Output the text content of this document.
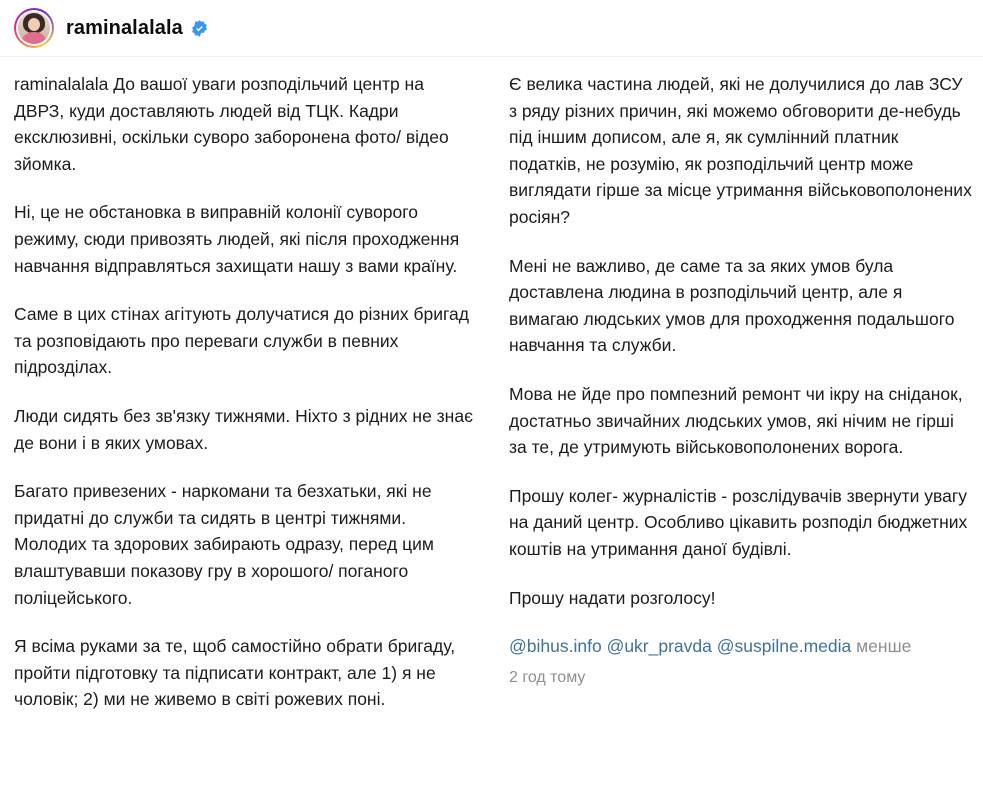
raminalalala

raminalalala До вашої уваги розподільчий центр на ДВРЗ, куди доставляють людей від ТЦК. Кадри ексклюзивні, оскільки суворо заборонена фото/ відео зйомка.

Ні, це не обстановка в виправній колонії суворого режиму, сюди привозять людей, які після проходження навчання відправляться захищати нашу з вами країну.

Саме в цих стінах агітують долучатися до різних бригад та розповідають про переваги служби в певних підрозділах.

Люди сидять без зв'язку тижнями. Ніхто з рідних не знає де вони і в яких умовах.

Багато привезених - наркомани та безхатьки, які не придатні до служби та сидять в центрі тижнями. Молодих та здорових забирають одразу, перед цим влаштувавши показову гру в хорошого/ поганого поліцейського.

Я всіма руками за те, щоб самостійно обрати бригаду, пройти підготовку та підписати контракт, але 1) я не чоловік; 2) ми не живемо в світі рожевих поні.

Є велика частина людей, які не долучилися до лав ЗСУ з ряду різних причин, які можемо обговорити де-небудь під іншим дописом, але я, як сумлінний платник податків, не розумію, як розподільчий центр може виглядати гірше за місце утримання військовополонених росіян?

Мені не важливо, де саме та за яких умов була доставлена людина в розподільчий центр, але я вимагаю людських умов для проходження подальшого навчання та служби.

Мова не йде про помпезний ремонт чи ікру на сніданок, достатньо звичайних людських умов, які нічим не гірші за те, де утримують військовополонених ворога.

Прошу колег- журналістів - розслідувачів звернути увагу на даний центр. Особливо цікавить розподіл бюджетних коштів на утримання даної будівлі.

Прошу надати розголосу!

@bihus.info @ukr_pravda @suspilne.media менше

2 год тому
